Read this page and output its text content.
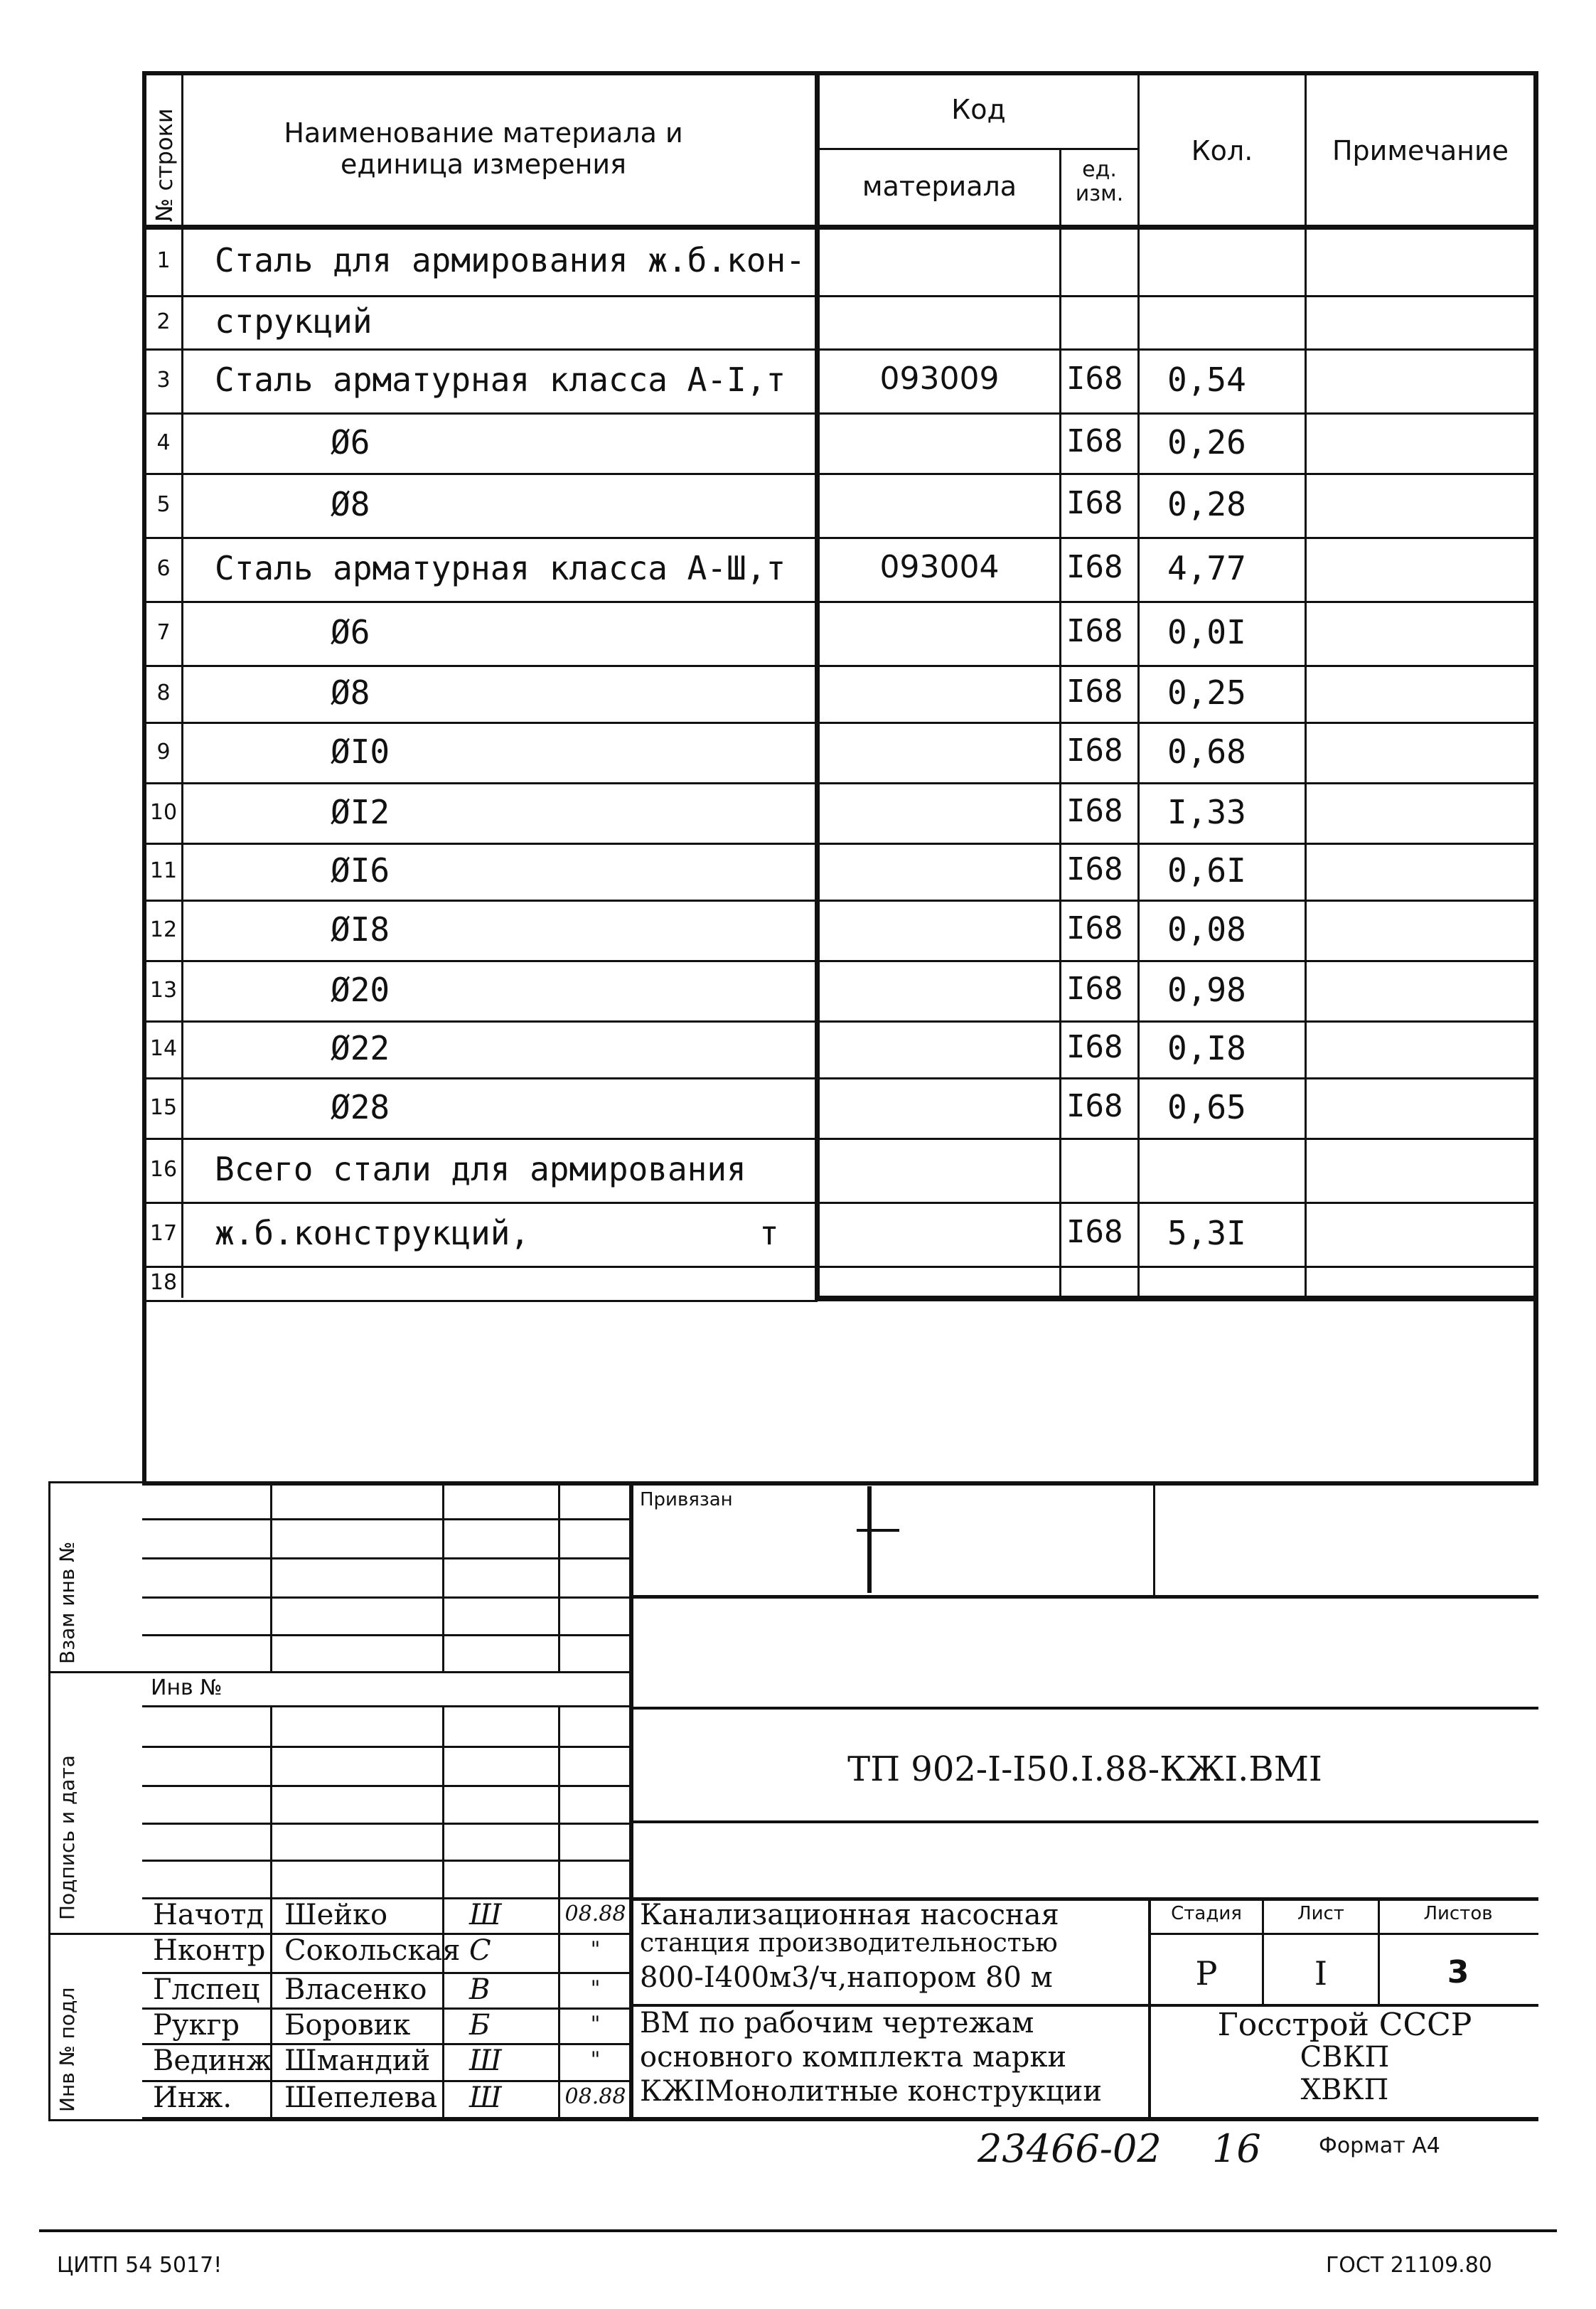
№ строки	Наименование материала и
единица измерения
Код
материала
ед.
изм.
Кол.	Примечание
1 Сталь для армирования ж.б.кон-
2 струкций
3 Сталь арматурная класса А-I,т	093009	I68 0,54
4	Ø6	I68 0,26
5	Ø8	I68 0,28
6 Сталь арматурная класса А-Ш,т	093004	I68 4,77
7	Ø6	I68 0,0I
8	Ø8	I68 0,25
9	ØI0	I68 0,68
10	ØI2	I68 I,33
11	ØI6	I68 0,6I
12	ØI8	I68 0,08
13	Ø20	I68 0,98
14	Ø22	I68 0,I8
15	Ø28	I68 0,65
16 Всего стали для армирования
17 ж.б.конструкций,	т	I68 5,3I
18
Взам инв №
Подпись и дата
Инв № подл
Инв №
Привязан
ТП 902-I-I50.I.88-КЖI.ВМI
Начотд Шейко	Ш	08.88
Нконтр Сокольская С	"
Глспец Власенко В	"
Рукгр Боровик Б	"
Вединж Шмандий Ш	"
Инж. Шепелева Ш	08.88
Канализационная насосная
станция производительностью
800-I400м3/ч,напором 80 м
ВМ по рабочим чертежам
основного комплекта марки
КЖIМонолитные конструкции
Стадия	Лист	Листов
Р	I	3
Госстрой СССР
СВКП
ХВКП
23466-02 16	Формат А4
ЦИТП 54 5017!	ГОСТ 21109.80
